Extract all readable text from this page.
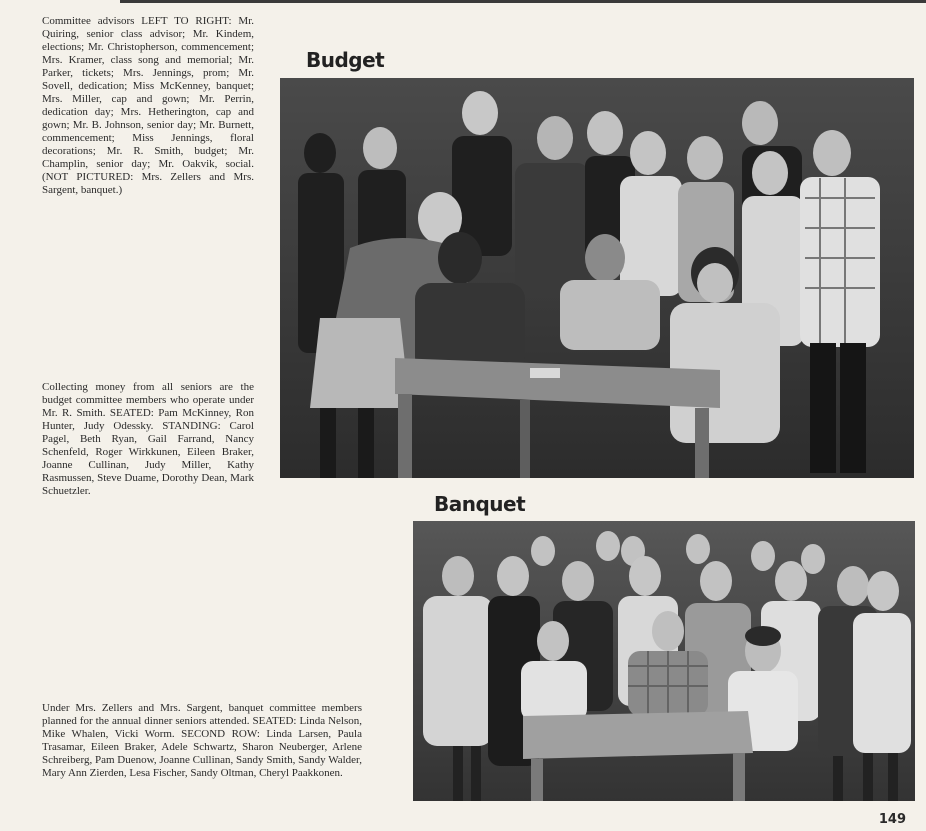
Committee advisors LEFT TO RIGHT: Mr. Quiring, senior class advisor; Mr. Kindem, elections; Mr. Christopherson, commencement; Mrs. Kramer, class song and memorial; Mr. Parker, tickets; Mrs. Jennings, prom; Mr. Sovell, dedication; Miss McKenney, banquet; Mrs. Miller, cap and gown; Mr. Perrin, dedication day; Mrs. Hetherington, cap and gown; Mr. B. Johnson, senior day; Mr. Burnett, commencement; Miss Jennings, floral decorations; Mr. R. Smith, budget; Mr. Champlin, senior day; Mr. Oakvik, social. (NOT PICTURED: Mrs. Zellers and Mrs. Sargent, banquet.)

Budget

Collecting money from all seniors are the budget committee members who operate under Mr. R. Smith. SEATED: Pam McKinney, Ron Hunter, Judy Odessky. STANDING: Carol Pagel, Beth Ryan, Gail Farrand, Nancy Schenfeld, Roger Wirkkunen, Eileen Braker, Joanne Cullinan, Judy Miller, Kathy Rasmussen, Steve Duame, Dorothy Dean, Mark Schuetzler.

Banquet

Under Mrs. Zellers and Mrs. Sargent, banquet committee members planned for the annual dinner seniors attended. SEATED: Linda Nelson, Mike Whalen, Vicki Worm. SECOND ROW: Linda Larsen, Paula Trasamar, Eileen Braker, Adele Schwartz, Sharon Neuberger, Arlene Schreiberg, Pam Duenow, Joanne Cullinan, Sandy Smith, Sandy Walder, Mary Ann Zierden, Lesa Fischer, Sandy Oltman, Cheryl Paakkonen.

149
